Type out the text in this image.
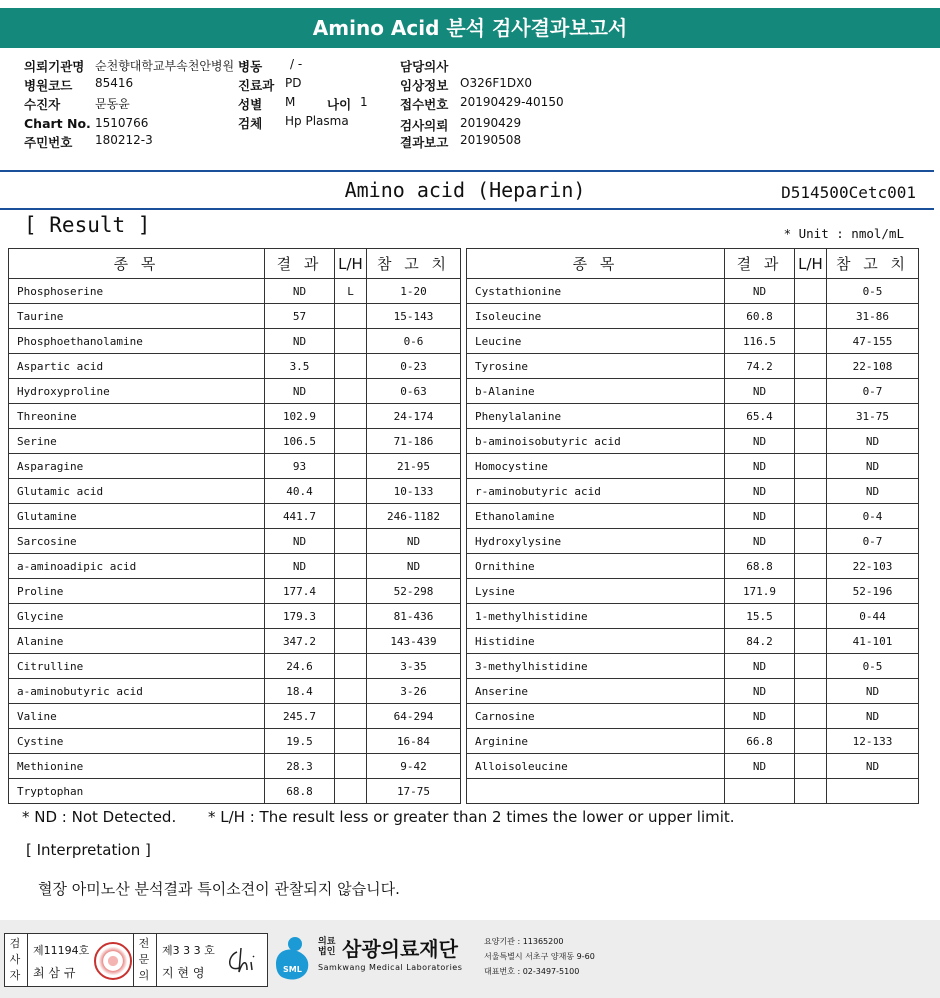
Amino Acid 분석 검사결과보고서
의뢰기관명 순천향대학교부속천안병원 병동 / -	담당의사
병원코드 85416	진료과 PD	임상정보 O326F1DX0
수진자	문동윤	성별 M	나이 1	접수번호 20190429-40150
Chart No. 1510766	검체 Hp Plasma	검사의뢰 20190429
주민번호 180212-3	결과보고 20190508
Amino acid (Heparin)	D514500Cetc001
[ Result ]	* Unit : nmol/mL
종 목	결 과	L/H	참 고 치
Phosphoserine	ND	L	1-20
Taurine	57		15-143
Phosphoethanolamine	ND		0-6
Aspartic acid	3.5		0-23
Hydroxyproline	ND		0-63
Threonine	102.9		24-174
Serine	106.5		71-186
Asparagine	93		21-95
Glutamic acid	40.4		10-133
Glutamine	441.7		246-1182
Sarcosine	ND		ND
a-aminoadipic acid	ND		ND
Proline	177.4		52-298
Glycine	179.3		81-436
Alanine	347.2		143-439
Citrulline	24.6		3-35
a-aminobutyric acid	18.4		3-26
Valine	245.7		64-294
Cystine	19.5		16-84
Methionine	28.3		9-42
Tryptophan	68.8		17-75
종 목	결 과	L/H	참 고 치
Cystathionine	ND		0-5
Isoleucine	60.8		31-86
Leucine	116.5		47-155
Tyrosine	74.2		22-108
b-Alanine	ND		0-7
Phenylalanine	65.4		31-75
b-aminoisobutyric acid	ND		ND
Homocystine	ND		ND
r-aminobutyric acid	ND		ND
Ethanolamine	ND		0-4
Hydroxylysine	ND		0-7
Ornithine	68.8		22-103
Lysine	171.9		52-196
1-methylhistidine	15.5		0-44
Histidine	84.2		41-101
3-methylhistidine	ND		0-5
Anserine	ND		ND
Carnosine	ND		ND
Arginine	66.8		12-133
Alloisoleucine	ND		ND

* ND : Not Detected. * L/H : The result less or greater than 2 times the lower or upper limit.
[ Interpretation ]
혈장 아미노산 분석결과 특이소견이 관찰되지 않습니다.
검사자
제11194호
최 삼 규
전문의
제3 3 3 호
지 현 영	SML
의료법인 삼광의료재단
Samkwang Medical Laboratories
요양기관 : 11365200
서울특별시 서초구 양재동 9-60
대표번호 : 02-3497-5100
